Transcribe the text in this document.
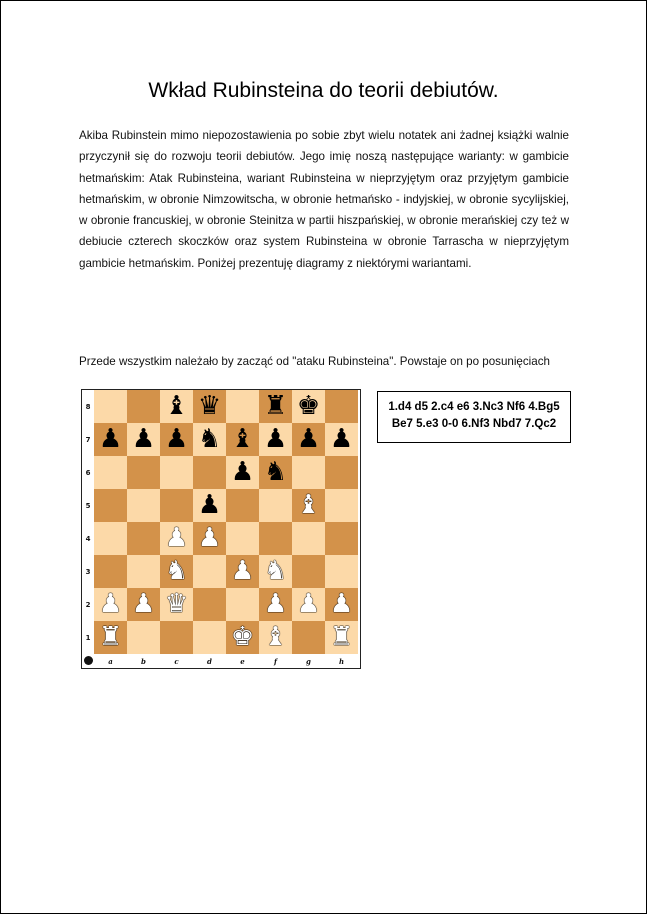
Wkład Rubinsteina do teorii debiutów.
Akiba Rubinstein mimo niepozostawienia po sobie zbyt wielu notatek ani żadnej książki walnie przyczynił się do rozwoju teorii debiutów. Jego imię noszą następujące warianty: w gambicie hetmańskim: Atak Rubinsteina, wariant Rubinsteina w nieprzyjętym oraz przyjętym gambicie hetmańskim, w obronie Nimzowitscha, w obronie hetmańsko - indyjskiej, w obronie sycylijskiej, w obronie francuskiej, w obronie Steinitza w partii hiszpańskiej, w obronie merańskiej czy też w debiucie czterech skoczków oraz system Rubinsteina w obronie Tarrascha w nieprzyjętym gambicie hetmańskim. Poniżej prezentuję diagramy z niektórymi wariantami.
Przede wszystkim należało by zacząć od "ataku Rubinsteina". Powstaje on po posunięciach
8
7
6
5
4
3
2
1
♝ ♛ ♜ ♚
♟ ♟ ♟ ♞ ♝ ♟ ♟ ♟
♟ ♞
♟	♝
♟ ♟
♞ ♟ ♞
♟ ♟ ♛	♟ ♟ ♟
♜	♚ ♝ ♜
a	b	c	d	e	f	g	h
1.d4 d5 2.c4 e6 3.Nc3 Nf6 4.Bg5
Be7 5.e3 0-0 6.Nf3 Nbd7 7.Qc2
